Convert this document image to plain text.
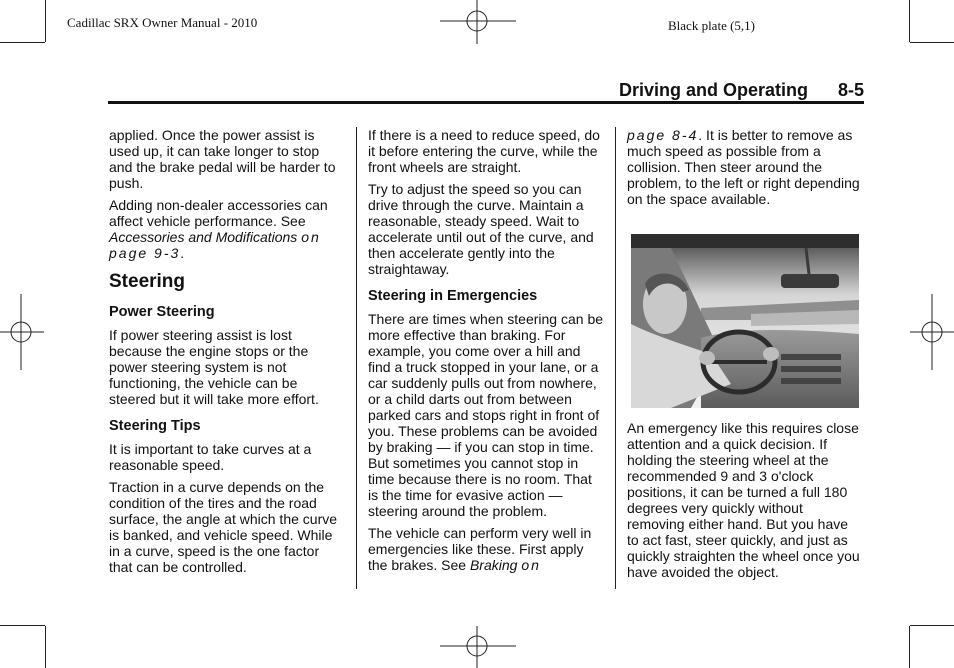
Cadillac SRX Owner Manual - 2010	Black plate (5,1)
Driving and Operating 8-5

applied. Once the power assist is used up, it can take longer to stop and the brake pedal will be harder to push.

Adding non-dealer accessories can affect vehicle performance. See Accessories and Modifications on page 9-3.

Steering
Power Steering

If power steering assist is lost because the engine stops or the power steering system is not functioning, the vehicle can be steered but it will take more effort.

Steering Tips

It is important to take curves at a reasonable speed.

Traction in a curve depends on the condition of the tires and the road surface, the angle at which the curve is banked, and vehicle speed. While in a curve, speed is the one factor that can be controlled.

If there is a need to reduce speed, do it before entering the curve, while the front wheels are straight.

Try to adjust the speed so you can drive through the curve. Maintain a reasonable, steady speed. Wait to accelerate until out of the curve, and then accelerate gently into the straightaway.

Steering in Emergencies

There are times when steering can be more effective than braking. For example, you come over a hill and find a truck stopped in your lane, or a car suddenly pulls out from nowhere, or a child darts out from between parked cars and stops right in front of you. These problems can be avoided by braking — if you can stop in time. But sometimes you cannot stop in time because there is no room. That is the time for evasive action — steering around the problem.

The vehicle can perform very well in emergencies like these. First apply the brakes. See Braking on

page 8-4. It is better to remove as much speed as possible from a collision. Then steer around the problem, to the left or right depending on the space available.

An emergency like this requires close attention and a quick decision. If holding the steering wheel at the recommended 9 and 3 o'clock positions, it can be turned a full 180 degrees very quickly without removing either hand. But you have to act fast, steer quickly, and just as quickly straighten the wheel once you have avoided the object.
